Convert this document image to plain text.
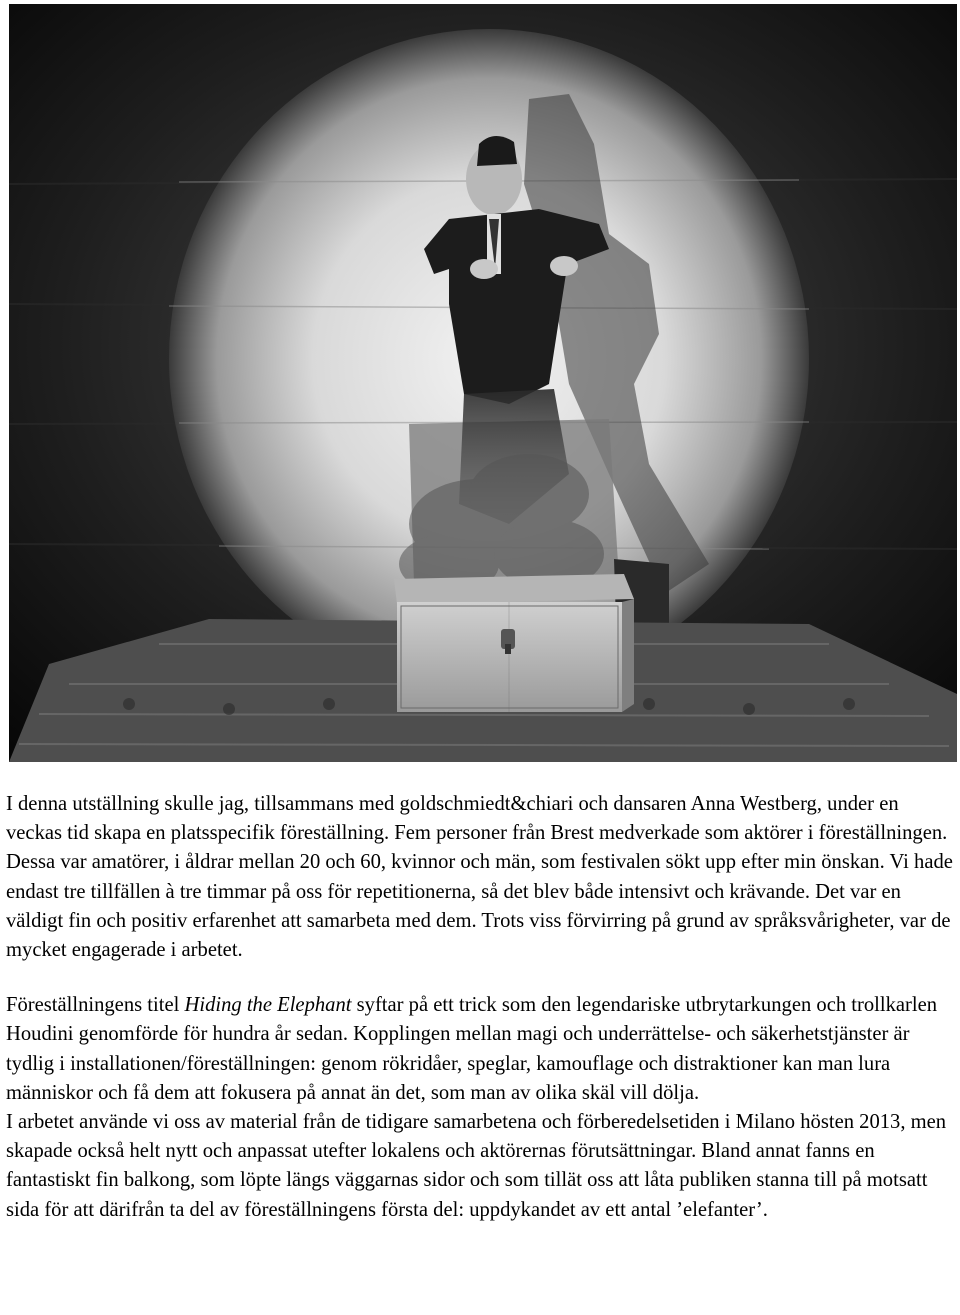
I denna utställning skulle jag, tillsammans med goldschmiedt&chiari och dansaren Anna Westberg, under en veckas tid skapa en platsspecifik föreställning. Fem personer från Brest medverkade som aktörer i föreställningen. Dessa var amatörer, i åldrar mellan 20 och 60, kvinnor och män, som festivalen sökt upp efter min önskan. Vi hade endast tre tillfällen à tre timmar på oss för repetitionerna, så det blev både intensivt och krävande. Det var en väldigt fin och positiv erfarenhet att samarbeta med dem. Trots viss förvirring på grund av språksvårigheter, var de mycket engagerade i arbetet.

Föreställningens titel Hiding the Elephant syftar på ett trick som den legendariske utbrytarkungen och trollkarlen Houdini genomförde för hundra år sedan. Kopplingen mellan magi och underrättelse- och säkerhetstjänster är tydlig i installationen/föreställningen: genom rökridåer, speglar, kamouflage och distraktioner kan man lura människor och få dem att fokusera på annat än det, som man av olika skäl vill dölja.

I arbetet använde vi oss av material från de tidigare samarbetena och förberedelsetiden i Milano hösten 2013, men skapade också helt nytt och anpassat utefter lokalens och aktörernas förutsättningar. Bland annat fanns en fantastiskt fin balkong, som löpte längs väggarnas sidor och som tillät oss att låta publiken stanna till på motsatt sida för att därifrån ta del av föreställningens första del: uppdykandet av ett antal ’elefanter’.
